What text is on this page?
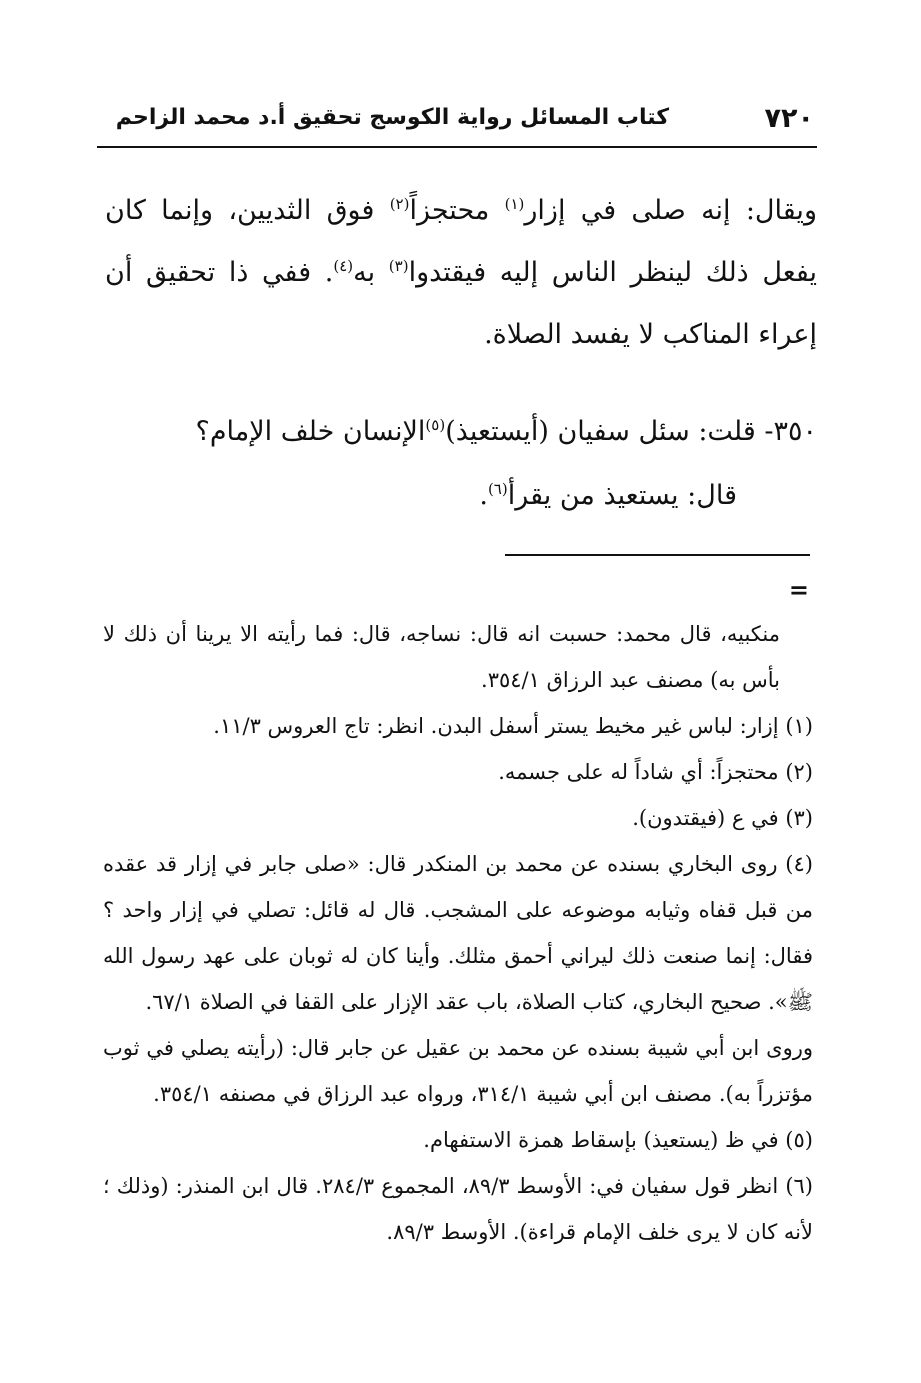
٧٢٠
كتاب المسائل رواية الكوسج تحقيق أ.د محمد الزاحم

ويقال: إنه صلى في إزار$^{(١)}$ محتجزاً$^{(٢)}$ فوق الثديين، وإنما كان يفعل ذلك لينظر الناس إليه فيقتدوا$^{(٣)}$ به$^{(٤)}$. ففي ذا تحقيق أن إعراء المناكب لا يفسد الصلاة.

٣٥٠- قلت: سئل سفيان (أيستعيذ)$^{(٥)}$الإنسان خلف الإمام؟

قال: يستعيذ من يقرأ$^{(٦)}$.

=

منكبيه، قال محمد: حسبت انه قال: نساجه، قال: فما رأيته الا يرينا أن ذلك لا بأس به) مصنف عبد الرزاق ٣٥٤/١.

(١) إزار: لباس غير مخيط يستر أسفل البدن. انظر: تاج العروس ١١/٣.

(٢) محتجزاً: أي شاداً له على جسمه.

(٣) في ع (فيقتدون).

(٤) روى البخاري بسنده عن محمد بن المنكدر قال: «صلى جابر في إزار قد عقده من قبل قفاه وثيابه موضوعه على المشجب. قال له قائل: تصلي في إزار واحد ؟ فقال: إنما صنعت ذلك ليراني أحمق مثلك. وأينا كان له ثوبان على عهد رسول الله ﷺ». صحيح البخاري، كتاب الصلاة، باب عقد الإزار على القفا في الصلاة ٦٧/١.

وروى ابن أبي شيبة بسنده عن محمد بن عقيل عن جابر قال: (رأيته يصلي في ثوب مؤتزراً به). مصنف ابن أبي شيبة ٣١٤/١، ورواه عبد الرزاق في مصنفه ٣٥٤/١.

(٥) في ظ (يستعيذ) بإسقاط همزة الاستفهام.

(٦) انظر قول سفيان في: الأوسط ٨٩/٣، المجموع ٢٨٤/٣. قال ابن المنذر: (وذلك ؛ لأنه كان لا يرى خلف الإمام قراءة). الأوسط ٨٩/٣.
